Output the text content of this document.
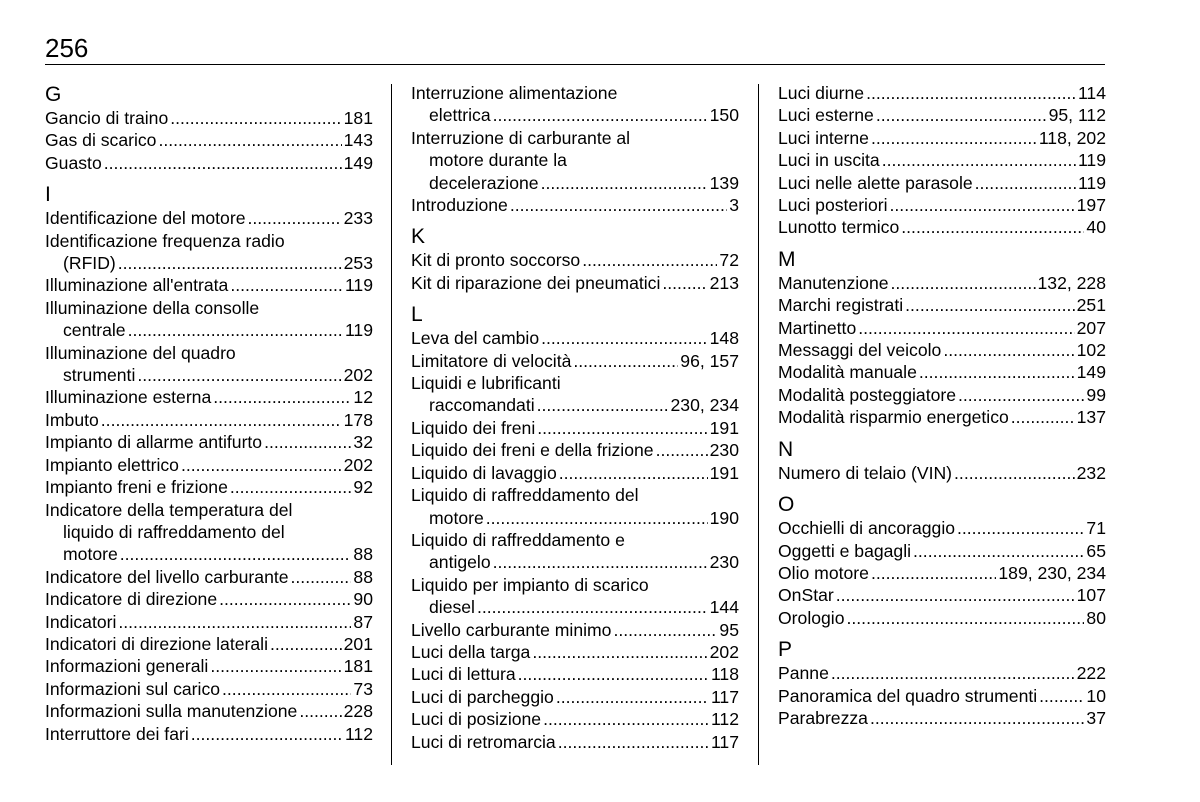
256
G
Gancio di traino .....	181
Gas di scarico .....	143
Guasto .....	149
I
Identificazione del motore .....	233
Identificazione frequenza radio
(RFID) .....	253
Illuminazione all'entrata .....	119
Illuminazione della consolle
centrale .....	119
Illuminazione del quadro
strumenti .....	202
Illuminazione esterna .....	12
Imbuto .....	178
Impianto di allarme antifurto .....	32
Impianto elettrico .....	202
Impianto freni e frizione .....	92
Indicatore della temperatura del
liquido di raffreddamento del
motore .....	88
Indicatore del livello carburante .....	88
Indicatore di direzione .....	90
Indicatori .....	87
Indicatori di direzione laterali .....	201
Informazioni generali .....	181
Informazioni sul carico .....	73
Informazioni sulla manutenzione .....	228
Interruttore dei fari .....	112
Interruzione alimentazione
elettrica .....	150
Interruzione di carburante al
motore durante la
decelerazione .....	139
Introduzione .....	3
K
Kit di pronto soccorso .....	72
Kit di riparazione dei pneumatici .....	213
L
Leva del cambio .....	148
Limitatore di velocità .....	96, 157
Liquidi e lubrificanti
raccomandati .....	230, 234
Liquido dei freni .....	191
Liquido dei freni e della frizione .....	230
Liquido di lavaggio .....	191
Liquido di raffreddamento del
motore .....	190
Liquido di raffreddamento e
antigelo .....	230
Liquido per impianto di scarico
diesel .....	144
Livello carburante minimo .....	95
Luci della targa .....	202
Luci di lettura .....	118
Luci di parcheggio .....	117
Luci di posizione .....	112
Luci di retromarcia .....	117
Luci diurne .....	114
Luci esterne .....	95, 112
Luci interne .....	118, 202
Luci in uscita .....	119
Luci nelle alette parasole .....	119
Luci posteriori .....	197
Lunotto termico .....	40
M
Manutenzione .....	132, 228
Marchi registrati .....	251
Martinetto .....	207
Messaggi del veicolo .....	102
Modalità manuale .....	149
Modalità posteggiatore .....	99
Modalità risparmio energetico .....	137
N
Numero di telaio (VIN) .....	232
O
Occhielli di ancoraggio .....	71
Oggetti e bagagli .....	65
Olio motore .....	189, 230, 234
OnStar .....	107
Orologio .....	80
P
Panne .....	222
Panoramica del quadro strumenti .....	10
Parabrezza .....	37
